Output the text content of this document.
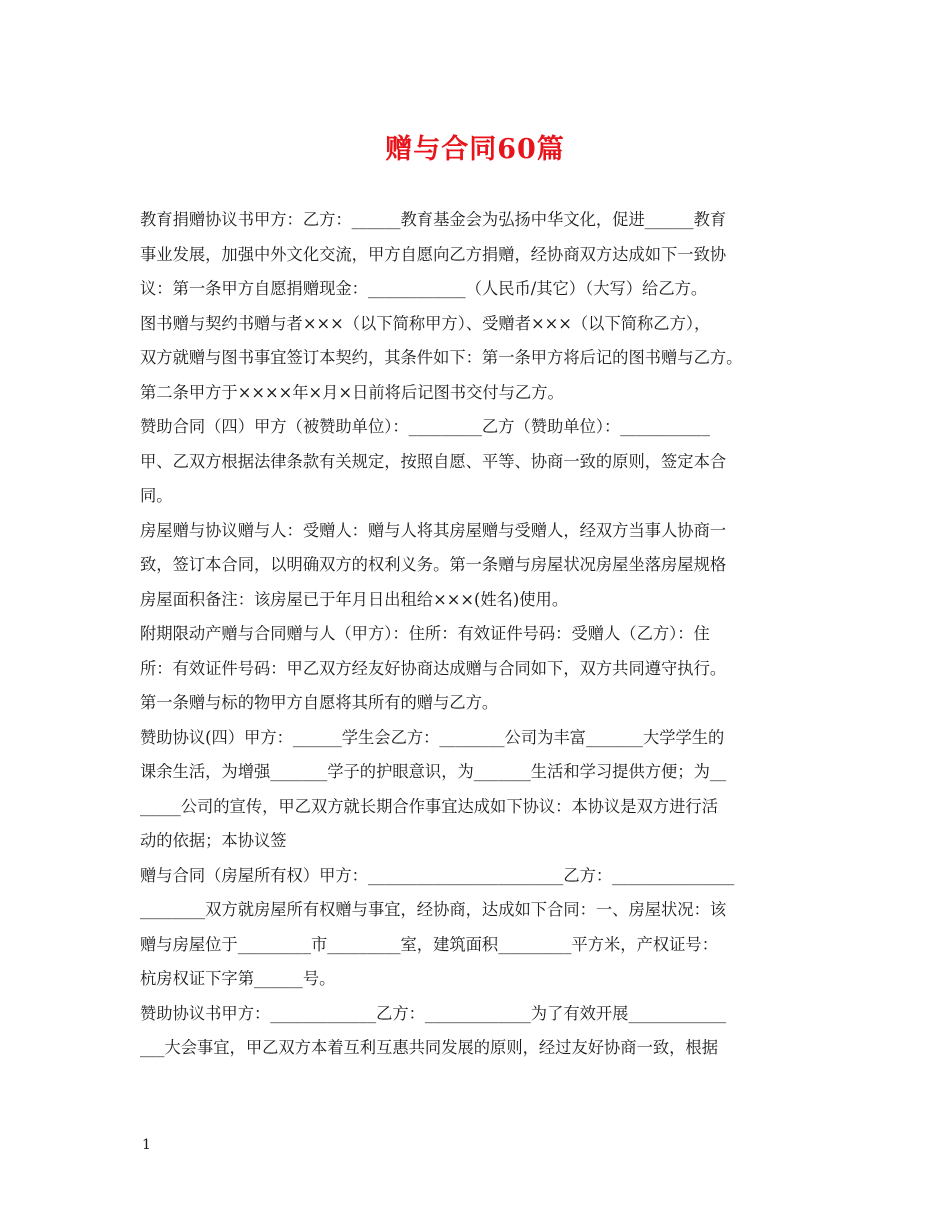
赠与合同60篇
教育捐赠协议书甲方：乙方：______教育基金会为弘扬中华文化，促进______教育
事业发展，加强中外文化交流，甲方自愿向乙方捐赠，经协商双方达成如下一致协
议：第一条甲方自愿捐赠现金：____________（人民币/其它）（大写）给乙方。
图书赠与契约书赠与者×××（以下简称甲方）、受赠者×××（以下简称乙方），
双方就赠与图书事宜签订本契约，其条件如下：第一条甲方将后记的图书赠与乙方。
第二条甲方于××××年×月×日前将后记图书交付与乙方。
赞助合同（四）甲方（被赞助单位）：_________乙方（赞助单位）：___________
甲、乙双方根据法律条款有关规定，按照自愿、平等、协商一致的原则，签定本合
同。
房屋赠与协议赠与人：受赠人：赠与人将其房屋赠与受赠人，经双方当事人协商一
致，签订本合同，以明确双方的权利义务。第一条赠与房屋状况房屋坐落房屋规格
房屋面积备注：该房屋已于年月日出租给×××(姓名)使用。
附期限动产赠与合同赠与人（甲方）：住所：有效证件号码：受赠人（乙方）：住
所：有效证件号码：甲乙双方经友好协商达成赠与合同如下，双方共同遵守执行。
第一条赠与标的物甲方自愿将其所有的赠与乙方。
赞助协议(四）甲方：______学生会乙方：________公司为丰富_______大学学生的
课余生活，为增强_______学子的护眼意识，为_______生活和学习提供方便；为__
_____公司的宣传，甲乙双方就长期合作事宜达成如下协议：本协议是双方进行活
动的依据；本协议签
赠与合同（房屋所有权）甲方：________________________乙方：_______________
________双方就房屋所有权赠与事宜，经协商，达成如下合同：一、房屋状况：该
赠与房屋位于_________市_________室，建筑面积_________平方米，产权证号：
杭房权证下字第______号。
赞助协议书甲方：_____________乙方：_____________为了有效开展____________
___大会事宜，甲乙双方本着互利互惠共同发展的原则，经过友好协商一致，根据
1
